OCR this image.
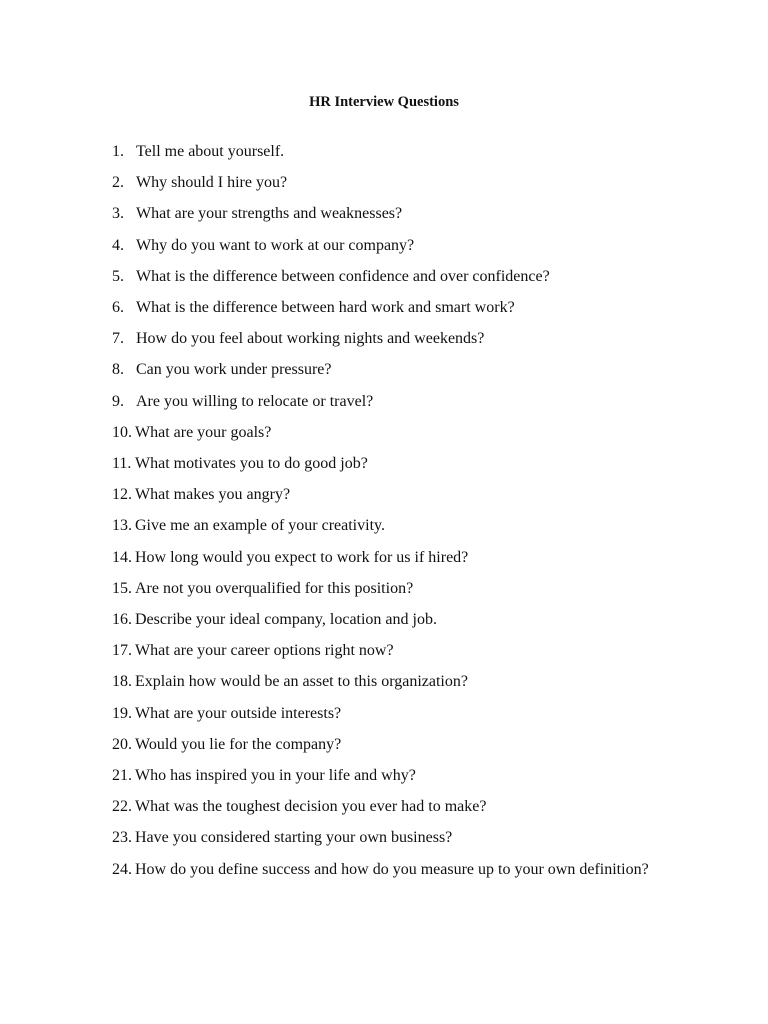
HR Interview Questions
1. Tell me about yourself.
2. Why should I hire you?
3. What are your strengths and weaknesses?
4. Why do you want to work at our company?
5. What is the difference between confidence and over confidence?
6. What is the difference between hard work and smart work?
7. How do you feel about working nights and weekends?
8. Can you work under pressure?
9. Are you willing to relocate or travel?
10. What are your goals?
11. What motivates you to do good job?
12. What makes you angry?
13. Give me an example of your creativity.
14. How long would you expect to work for us if hired?
15. Are not you overqualified for this position?
16. Describe your ideal company, location and job.
17. What are your career options right now?
18. Explain how would be an asset to this organization?
19. What are your outside interests?
20. Would you lie for the company?
21. Who has inspired you in your life and why?
22. What was the toughest decision you ever had to make?
23. Have you considered starting your own business?
24. How do you define success and how do you measure up to your own definition?
